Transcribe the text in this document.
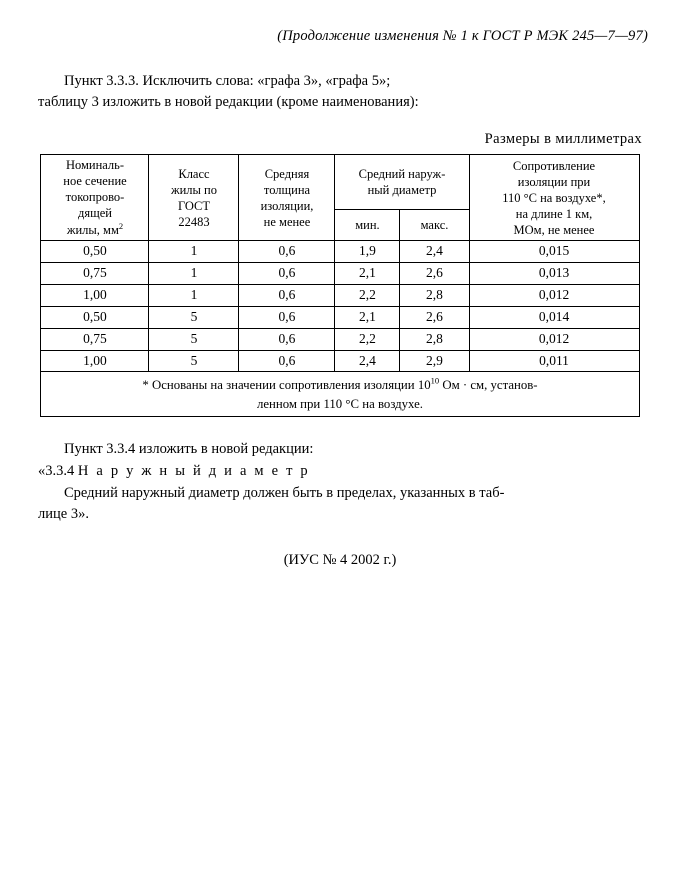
(Продолжение изменения № 1 к ГОСТ Р МЭК 245—7—97)

Пункт 3.3.3. Исключить слова: «графа 3», «графа 5»;

таблицу 3 изложить в новой редакции (кроме наименования):

Размеры в миллиметрах
Номиналь-
ное сечение
токопрово-
дящей
жилы, $мм^2$	Класс
жилы по
ГОСТ
22483	Средняя
толщина
изоляции,
не менее	Средний наруж-
ный диаметр		Сопротивление
изоляции при
110 °С на воздухе*,
на длине 1 км,
МОм, не менее
			мин.	макс.	
0,50	1	0,6	1,9	2,4	0,015
0,75	1	0,6	2,1	2,6	0,013
1,00	1	0,6	2,2	2,8	0,012
0,50	5	0,6	2,1	2,6	0,014
0,75	5	0,6	2,2	2,8	0,012
1,00	5	0,6	2,4	2,9	0,011
* Основаны на значении сопротивления изоляции $10^{10}$ Ом · см, установ-
ленном при 110 °С на воздухе.					

Пункт 3.3.4 изложить в новой редакции:

«3.3.4 Н а р у ж н ы й д и а м е т р

Средний наружный диаметр должен быть в пределах, указанных в таб-

лице 3».

(ИУС № 4 2002 г.)
